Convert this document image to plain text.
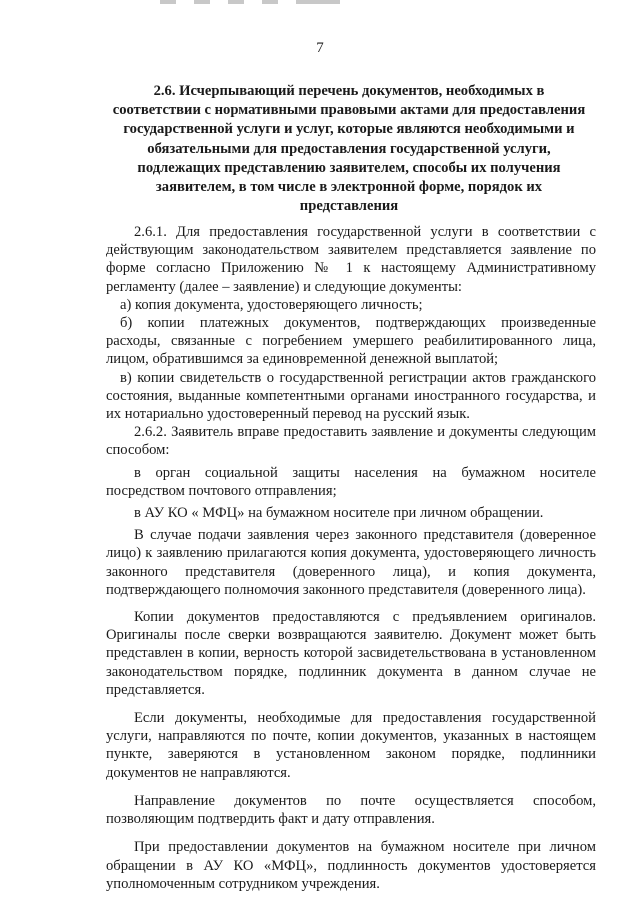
7
2.6. Исчерпывающий перечень документов, необходимых в соответствии с нормативными правовыми актами для предоставления государственной услуги и услуг, которые являются необходимыми и обязательными для предоставления государственной услуги, подлежащих представлению заявителем, способы их получения заявителем, в том числе в электронной форме, порядок их представления

2.6.1. Для предоставления государственной услуги в соответствии с действующим законодательством заявителем представляется заявление по форме согласно Приложению № 1 к настоящему Административному регламенту (далее – заявление) и следующие документы:

а) копия документа, удостоверяющего личность;

б) копии платежных документов, подтверждающих произведенные расходы, связанные с погребением умершего реабилитированного лица, лицом, обратившимся за единовременной денежной выплатой;

в) копии свидетельств о государственной регистрации актов гражданского состояния, выданные компетентными органами иностранного государства, и их нотариально удостоверенный перевод на русский язык.

2.6.2. Заявитель вправе предоставить заявление и документы следующим способом:

в орган социальной защиты населения на бумажном носителе посредством почтового отправления;

в АУ КО « МФЦ» на бумажном носителе при личном обращении.

В случае подачи заявления через законного представителя (доверенное лицо) к заявлению прилагаются копия документа, удостоверяющего личность законного представителя (доверенного лица), и копия документа, подтверждающего полномочия законного представителя (доверенного лица).

Копии документов предоставляются с предъявлением оригиналов. Оригиналы после сверки возвращаются заявителю. Документ может быть представлен в копии, верность которой засвидетельствована в установленном законодательством порядке, подлинник документа в данном случае не представляется.

Если документы, необходимые для предоставления государственной услуги, направляются по почте, копии документов, указанных в настоящем пункте, заверяются в установленном законом порядке, подлинники документов не направляются.

Направление документов по почте осуществляется способом, позволяющим подтвердить факт и дату отправления.

При предоставлении документов на бумажном носителе при личном обращении в АУ КО «МФЦ», подлинность документов удостоверяется уполномоченным сотрудником учреждения.
